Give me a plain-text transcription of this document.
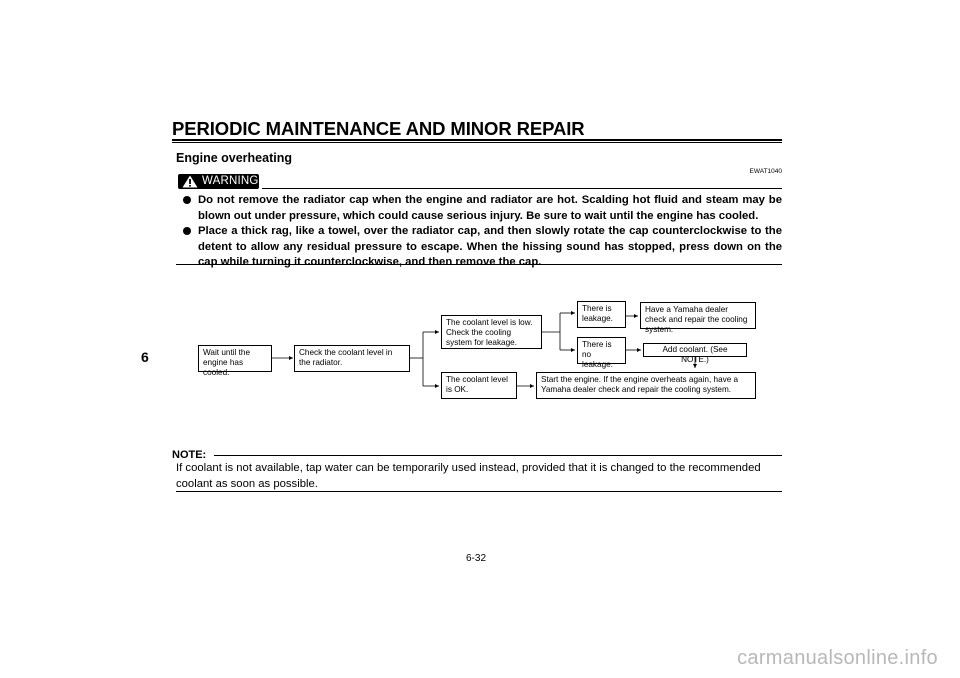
PERIODIC MAINTENANCE AND MINOR REPAIR
6
Engine overheating
EWAT1040
WARNING
Do not remove the radiator cap when the engine and radiator are hot. Scalding hot fluid and steam may be blown out under pressure, which could cause serious injury. Be sure to wait until the engine has cooled.
Place a thick rag, like a towel, over the radiator cap, and then slowly rotate the cap counterclockwise to the detent to allow any residual pressure to escape. When the hissing sound has stopped, press down on the cap while turning it counterclockwise, and then remove the cap.
Wait until the engine has cooled.
Check the coolant level in the radiator.
The coolant level is low. Check the cooling system for leakage.
The coolant level is OK.
There is leakage.
There is no leakage.
Have a Yamaha dealer check and repair the cooling system.
Add coolant. (See NOTE.)
Start the engine. If the engine overheats again, have a Yamaha dealer check and repair the cooling system.
NOTE:
If coolant is not available, tap water can be temporarily used instead, provided that it is changed to the recommended coolant as soon as possible.
6-32
carmanualsonline.info
